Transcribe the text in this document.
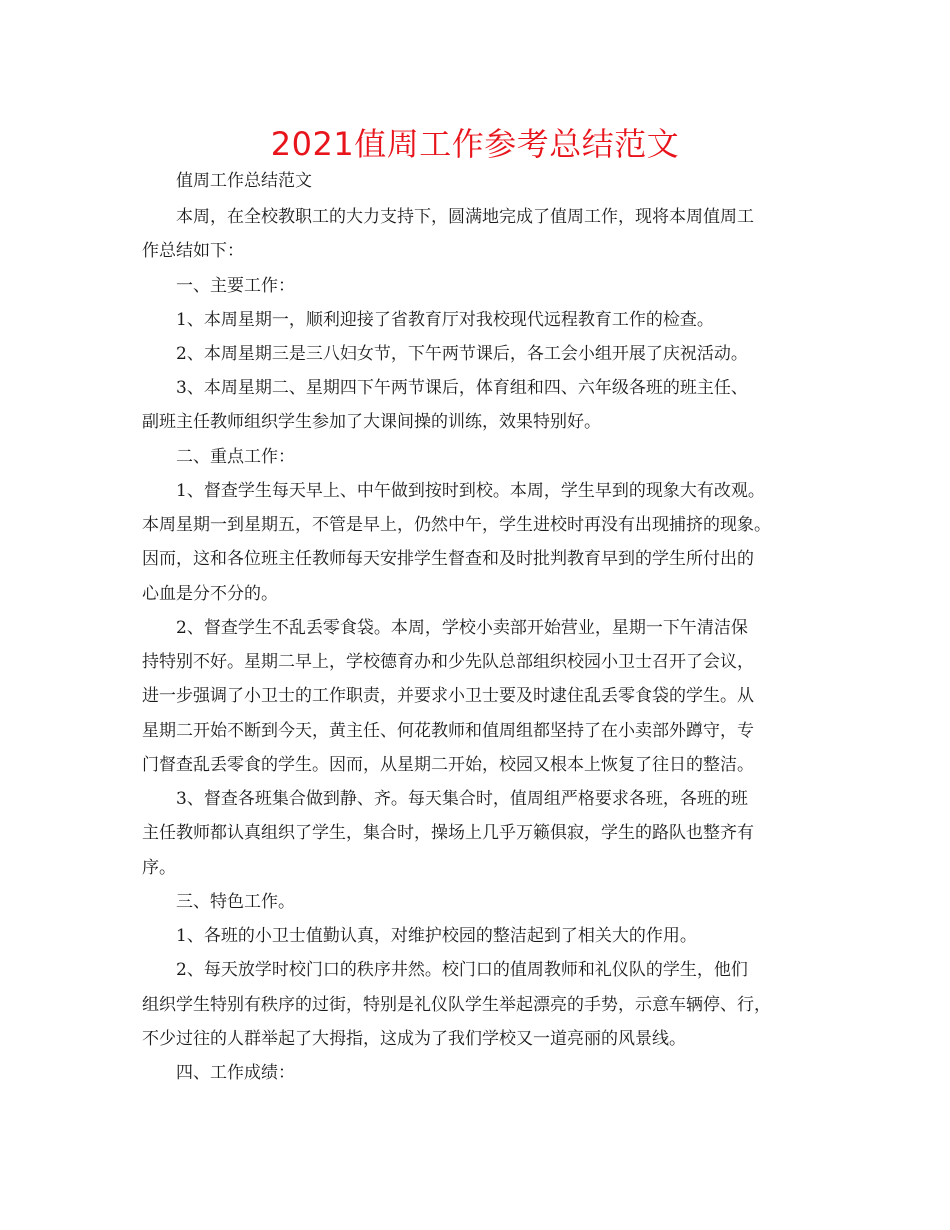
2021值周工作参考总结范文
值周工作总结范文
本周，在全校教职工的大力支持下，圆满地完成了值周工作，现将本周值周工
作总结如下：
一、主要工作：
1、本周星期一，顺利迎接了省教育厅对我校现代远程教育工作的检查。
2、本周星期三是三八妇女节，下午两节课后，各工会小组开展了庆祝活动。
3、本周星期二、星期四下午两节课后，体育组和四、六年级各班的班主任、
副班主任教师组织学生参加了大课间操的训练，效果特别好。
二、重点工作：
1、督查学生每天早上、中午做到按时到校。本周，学生早到的现象大有改观。
本周星期一到星期五，不管是早上，仍然中午，学生进校时再没有出现捕挤的现象。
因而，这和各位班主任教师每天安排学生督查和及时批判教育早到的学生所付出的
心血是分不分的。
2、督查学生不乱丢零食袋。本周，学校小卖部开始营业，星期一下午清洁保
持特别不好。星期二早上，学校德育办和少先队总部组织校园小卫士召开了会议，
进一步强调了小卫士的工作职责，并要求小卫士要及时逮住乱丢零食袋的学生。从
星期二开始不断到今天，黄主任、何花教师和值周组都坚持了在小卖部外蹲守，专
门督查乱丢零食的学生。因而，从星期二开始，校园又根本上恢复了往日的整洁。
3、督查各班集合做到静、齐。每天集合时，值周组严格要求各班，各班的班
主任教师都认真组织了学生，集合时，操场上几乎万籁俱寂，学生的路队也整齐有
序。
三、特色工作。
1、各班的小卫士值勤认真，对维护校园的整洁起到了相关大的作用。
2、每天放学时校门口的秩序井然。校门口的值周教师和礼仪队的学生，他们
组织学生特别有秩序的过街，特别是礼仪队学生举起漂亮的手势，示意车辆停、行，
不少过往的人群举起了大拇指，这成为了我们学校又一道亮丽的风景线。
四、工作成绩：
